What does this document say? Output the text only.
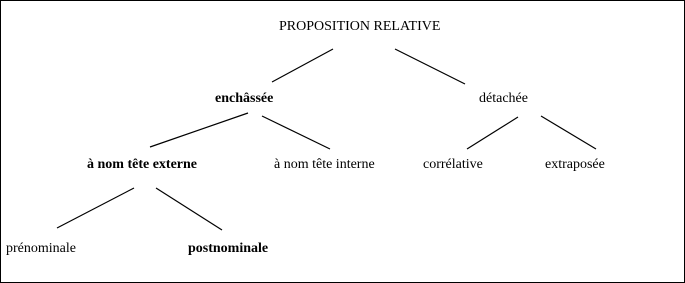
PROPOSITION RELATIVE
enchâssée	détachée
à nom tête externe	à nom tête interne	corrélative	extraposée
prénominale	postnominale
